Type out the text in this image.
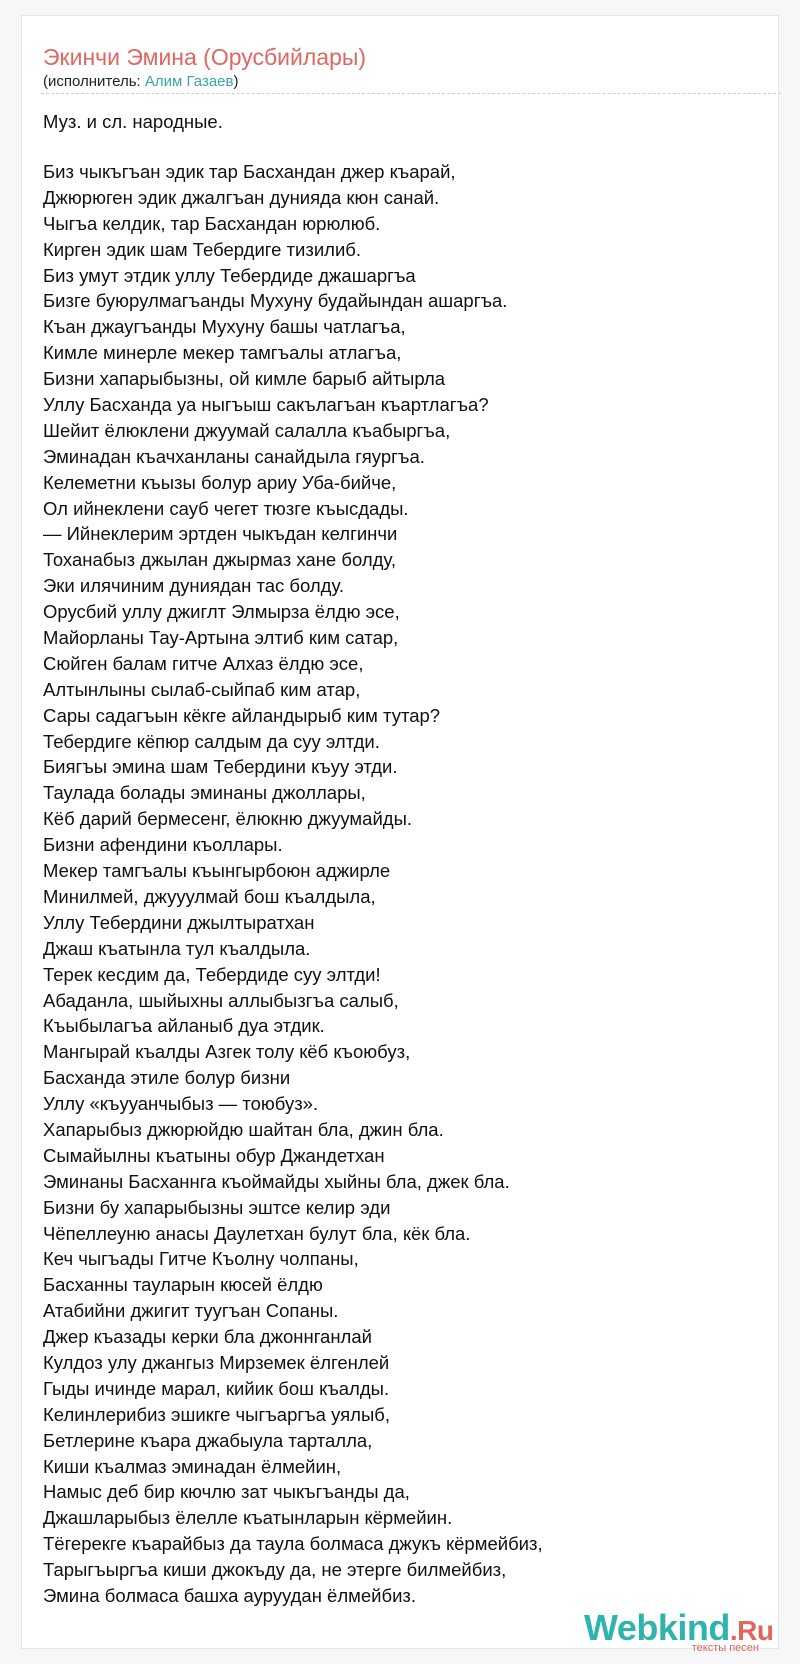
Экинчи Эмина (Орусбийлары)
(исполнитель: Алим Газаев)
Муз. и сл. народные.
Биз чыкъгъан эдик тар Басхандан джер къарай,
Джюрюген эдик джалгъан дунияда кюн санай.
Чыгъа келдик, тар Басхандан юрюлюб.
Кирген эдик шам Тебердиге тизилиб.
Биз умут этдик уллу Тебердиде джашаргъа
Бизге буюрулмагъанды Мухуну будайындан ашаргъа.
Къан джаугъанды Мухуну башы чатлагъа,
Кимле минерле мекер тамгъалы атлагъа,
Бизни хапарыбызны, ой кимле барыб айтырла
Уллу Басханда уа ныгъыш сакълагъан къартлагъа?
Шейит ёлюклени джуумай салалла къабыргъа,
Эминадан къачханланы санайдыла гяургъа.
Келеметни къызы болур ариу Уба-бийче,
Ол ийнеклени сауб чегет тюзге къысдады.
— Ийнеклерим эртден чыкъдан келгинчи
Тоханабыз джылан джырмаз хане болду,
Эки илячиним дуниядан тас болду.
Орусбий уллу джиглт Элмырза ёлдю эсе,
Майорланы Тау-Артына элтиб ким сатар,
Сюйген балам гитче Алхаз ёлдю эсе,
Алтынлыны сылаб-сыйпаб ким атар,
Сары садагъын кёкге айландырыб ким тутар?
Тебердиге кёпюр салдым да суу элтди.
Биягъы эмина шам Тебердини къуу этди.
Таулада болады эминаны джоллары,
Кёб дарий бермесенг, ёлюкню джуумайды.
Бизни афендини къоллары.
Мекер тамгъалы къынгырбоюн аджирле
Минилмей, джууулмай бош къалдыла,
Уллу Тебердини джылтыратхан
Джаш къатынла тул къалдыла.
Терек кесдим да, Тебердиде суу элтди!
Абаданла, шыйыхны аллыбызгъа салыб,
Къыбылагъа айланыб дуа этдик.
Мангырай къалды Азгек толу кёб къоюбуз,
Басханда этиле болур бизни
Уллу «къууанчыбыз — тоюбуз».
Хапарыбыз джюрюйдю шайтан бла, джин бла.
Сымайылны къатыны обур Джандетхан
Эминаны Басханнга къоймайды хыйны бла, джек бла.
Бизни бу хапарыбызны эштсе келир эди
Чёпеллеуню анасы Даулетхан булут бла, кёк бла.
Кеч чыгъады Гитче Къолну чолпаны,
Басханны тауларын кюсей ёлдю
Атабийни джигит туугъан Сопаны.
Джер къазады керки бла джоннганлай
Кулдоз улу джангыз Мирземек ёлгенлей
Гыды ичинде марал, кийик бош къалды.
Келинлерибиз эшикге чыгъаргъа уялыб,
Бетлерине къара джабыула тарталла,
Киши къалмаз эминадан ёлмейин,
Намыс деб бир кючлю зат чыкъгъанды да,
Джашларыбыз ёлелле къатынларын кёрмейин.
Тёгерекге къарайбыз да таула болмаса джукъ кёрмейбиз,
Тарыгъыргъа киши джокъду да, не этерге билмейбиз,
Эмина болмаса башха ауруудан ёлмейбиз.
Webkind.Ru
тексты песен
